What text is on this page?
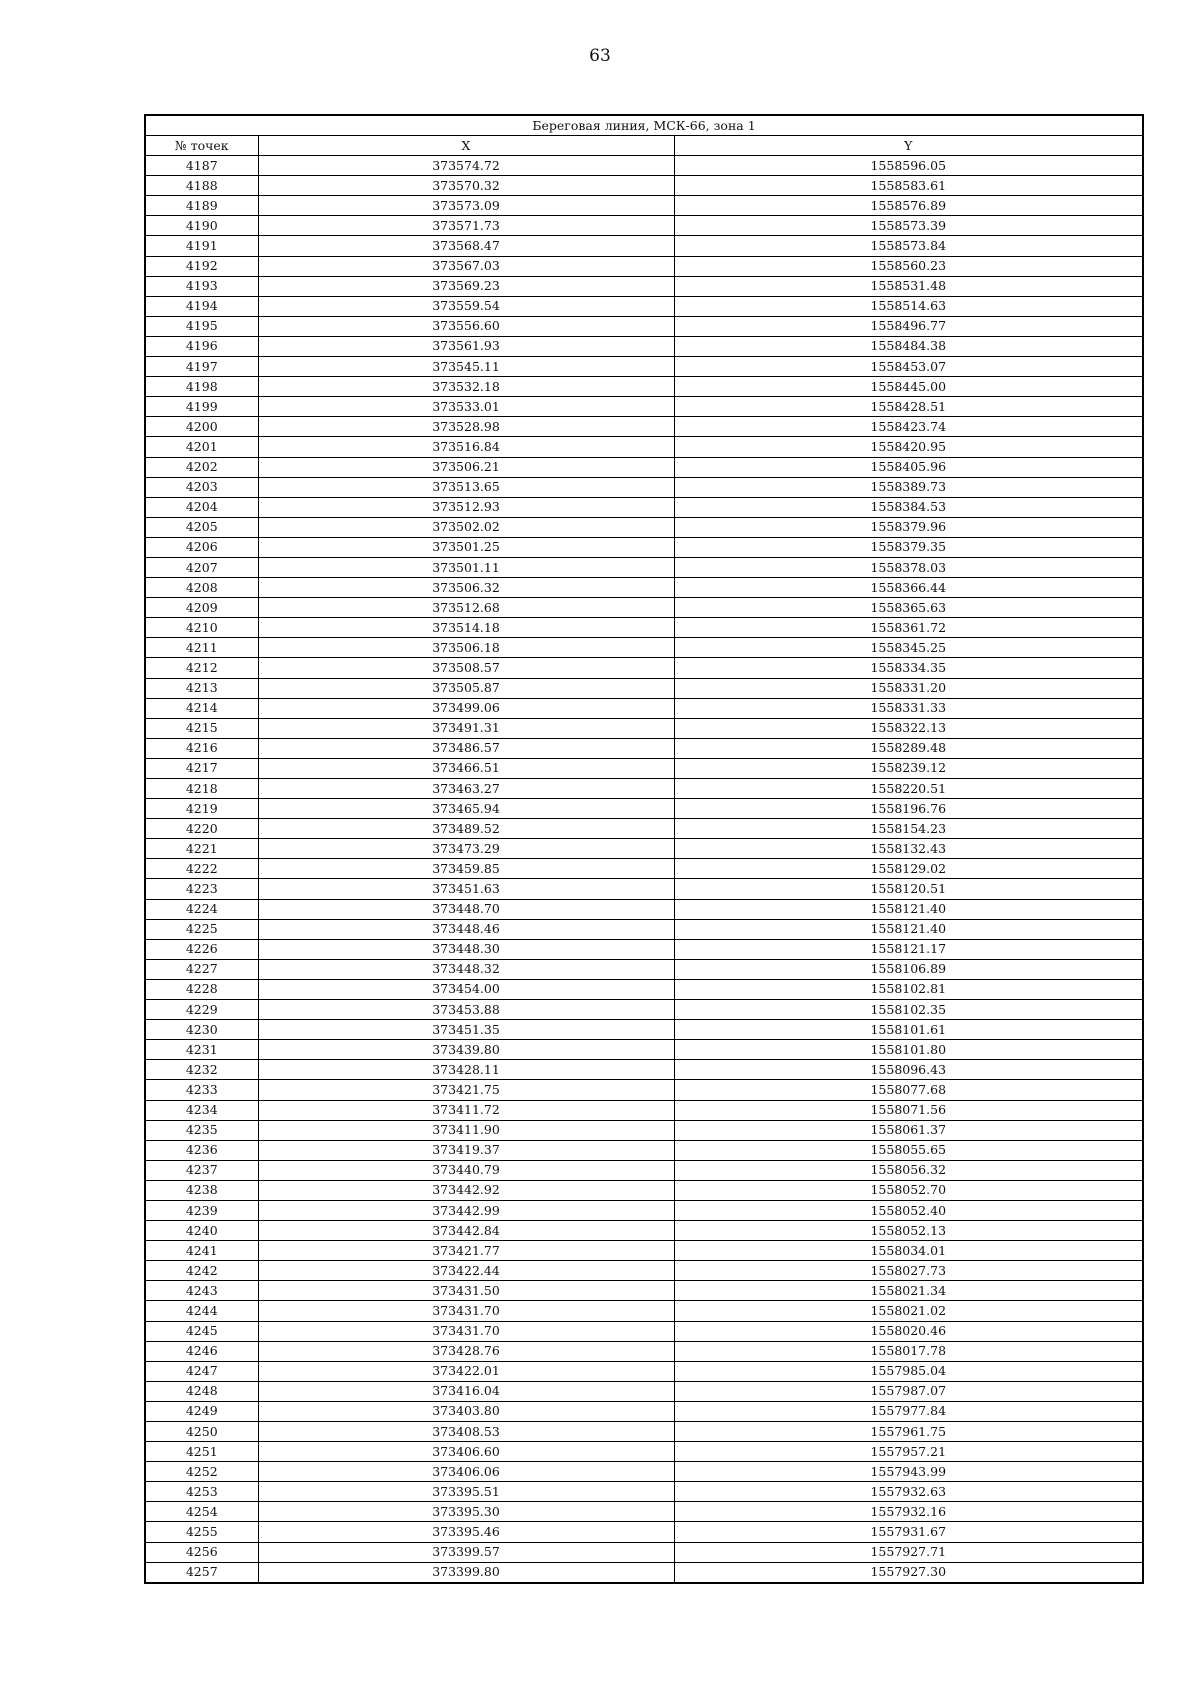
63
Береговая линия, МСК-66, зона 1		
№ точек	X	Y
4187	373574.72	1558596.05
4188	373570.32	1558583.61
4189	373573.09	1558576.89
4190	373571.73	1558573.39
4191	373568.47	1558573.84
4192	373567.03	1558560.23
4193	373569.23	1558531.48
4194	373559.54	1558514.63
4195	373556.60	1558496.77
4196	373561.93	1558484.38
4197	373545.11	1558453.07
4198	373532.18	1558445.00
4199	373533.01	1558428.51
4200	373528.98	1558423.74
4201	373516.84	1558420.95
4202	373506.21	1558405.96
4203	373513.65	1558389.73
4204	373512.93	1558384.53
4205	373502.02	1558379.96
4206	373501.25	1558379.35
4207	373501.11	1558378.03
4208	373506.32	1558366.44
4209	373512.68	1558365.63
4210	373514.18	1558361.72
4211	373506.18	1558345.25
4212	373508.57	1558334.35
4213	373505.87	1558331.20
4214	373499.06	1558331.33
4215	373491.31	1558322.13
4216	373486.57	1558289.48
4217	373466.51	1558239.12
4218	373463.27	1558220.51
4219	373465.94	1558196.76
4220	373489.52	1558154.23
4221	373473.29	1558132.43
4222	373459.85	1558129.02
4223	373451.63	1558120.51
4224	373448.70	1558121.40
4225	373448.46	1558121.40
4226	373448.30	1558121.17
4227	373448.32	1558106.89
4228	373454.00	1558102.81
4229	373453.88	1558102.35
4230	373451.35	1558101.61
4231	373439.80	1558101.80
4232	373428.11	1558096.43
4233	373421.75	1558077.68
4234	373411.72	1558071.56
4235	373411.90	1558061.37
4236	373419.37	1558055.65
4237	373440.79	1558056.32
4238	373442.92	1558052.70
4239	373442.99	1558052.40
4240	373442.84	1558052.13
4241	373421.77	1558034.01
4242	373422.44	1558027.73
4243	373431.50	1558021.34
4244	373431.70	1558021.02
4245	373431.70	1558020.46
4246	373428.76	1558017.78
4247	373422.01	1557985.04
4248	373416.04	1557987.07
4249	373403.80	1557977.84
4250	373408.53	1557961.75
4251	373406.60	1557957.21
4252	373406.06	1557943.99
4253	373395.51	1557932.63
4254	373395.30	1557932.16
4255	373395.46	1557931.67
4256	373399.57	1557927.71
4257	373399.80	1557927.30
